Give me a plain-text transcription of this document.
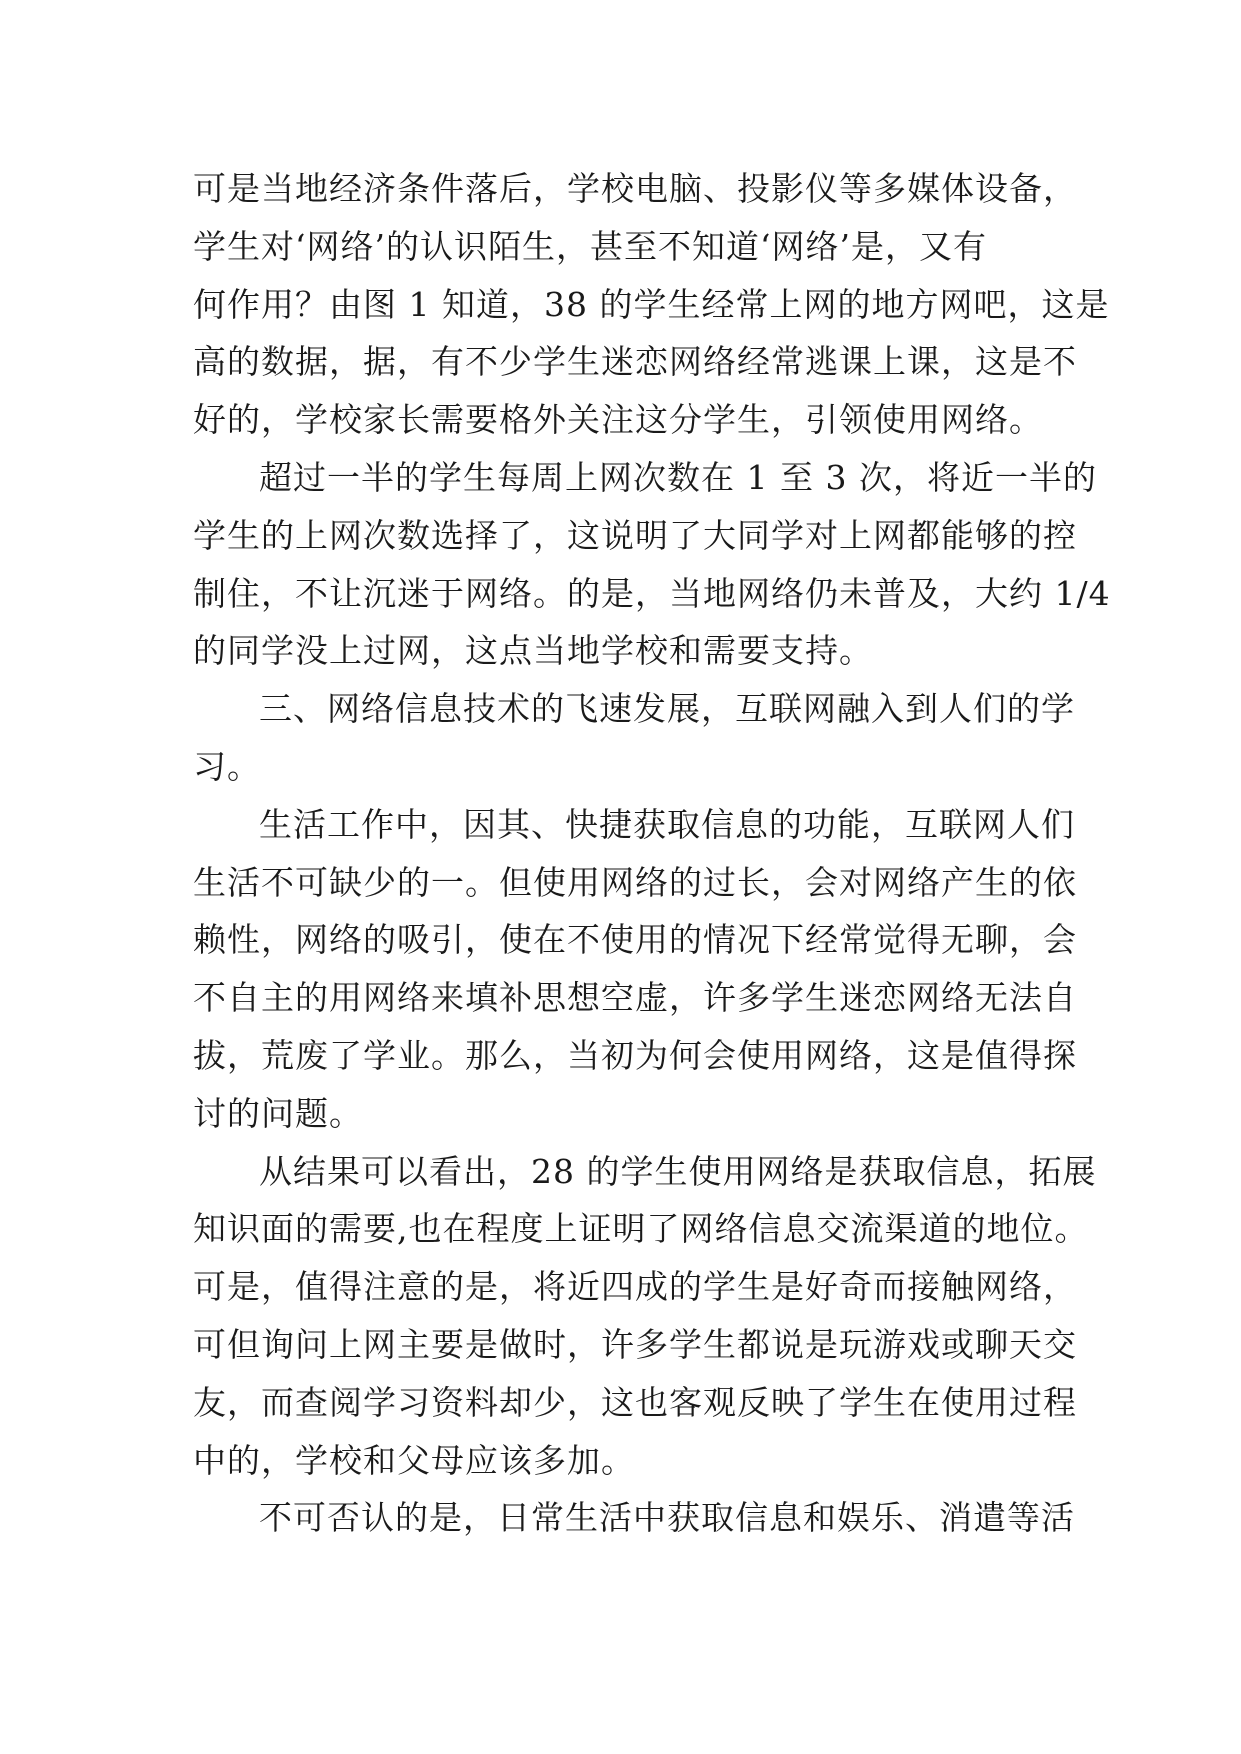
可是当地经济条件落后，学校电脑、投影仪等多媒体设备，
学生对‘网络’的认识陌生，甚至不知道‘网络’是，又有
何作用？由图 1 知道，38 的学生经常上网的地方网吧，这是
高的数据，据，有不少学生迷恋网络经常逃课上课，这是不
好的，学校家长需要格外关注这分学生，引领使用网络。
超过一半的学生每周上网次数在 1 至 3 次，将近一半的
学生的上网次数选择了，这说明了大同学对上网都能够的控
制住，不让沉迷于网络。的是，当地网络仍未普及，大约 1/4
的同学没上过网，这点当地学校和需要支持。
三、网络信息技术的飞速发展，互联网融入到人们的学
习。
生活工作中，因其、快捷获取信息的功能，互联网人们
生活不可缺少的一。但使用网络的过长，会对网络产生的依
赖性，网络的吸引，使在不使用的情况下经常觉得无聊，会
不自主的用网络来填补思想空虚，许多学生迷恋网络无法自
拔，荒废了学业。那么，当初为何会使用网络，这是值得探
讨的问题。
从结果可以看出，28 的学生使用网络是获取信息，拓展
知识面的需要,也在程度上证明了网络信息交流渠道的地位。
可是，值得注意的是，将近四成的学生是好奇而接触网络，
可但询问上网主要是做时，许多学生都说是玩游戏或聊天交
友，而查阅学习资料却少，这也客观反映了学生在使用过程
中的，学校和父母应该多加。
不可否认的是，日常生活中获取信息和娱乐、消遣等活
